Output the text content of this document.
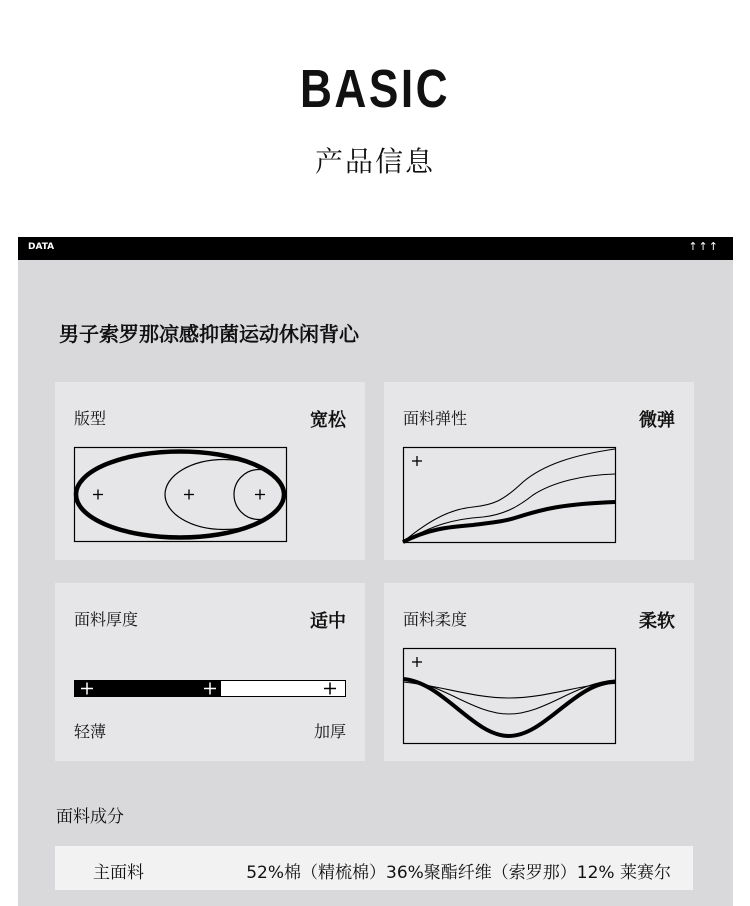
BASIC
产品信息
DATA	↑↑↑
男子索罗那凉感抑菌运动休闲背心
版型	宽松	面料弹性	微弹
面料厚度	适中
轻薄	加厚
面料柔度	柔软
面料成分
主面料	52%棉（精梳棉）36%聚酯纤维（索罗那）12% 莱赛尔
